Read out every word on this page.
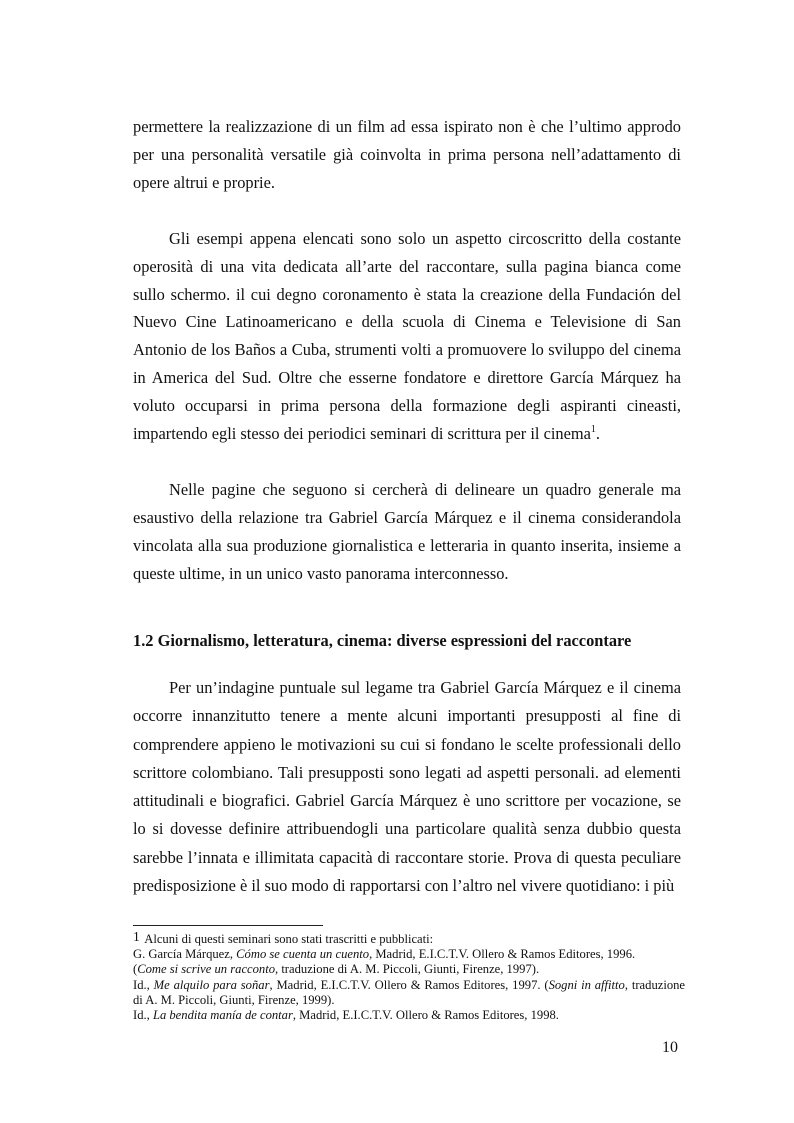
permettere la realizzazione di un film ad essa ispirato non è che l’ultimo approdo per una personalità versatile già coinvolta in prima persona nell’adattamento di opere altrui e proprie.

Gli esempi appena elencati sono solo un aspetto circoscritto della costante operosità di una vita dedicata all’arte del raccontare, sulla pagina bianca come sullo schermo. il cui degno coronamento è stata la creazione della Fundación del Nuevo Cine Latinoamericano e della scuola di Cinema e Televisione di San Antonio de los Baños a Cuba, strumenti volti a promuovere lo sviluppo del cinema in America del Sud. Oltre che esserne fondatore e direttore García Márquez ha voluto occuparsi in prima persona della formazione degli aspiranti cineasti, impartendo egli stesso dei periodici seminari di scrittura per il cinema$^1$.

Nelle pagine che seguono si cercherà di delineare un quadro generale ma esaustivo della relazione tra Gabriel García Márquez e il cinema considerandola vincolata alla sua produzione giornalistica e letteraria in quanto inserita, insieme a queste ultime, in un unico vasto panorama interconnesso.

1.2 Giornalismo, letteratura, cinema: diverse espressioni del raccontare

Per un’indagine puntuale sul legame tra Gabriel García Márquez e il cinema occorre innanzitutto tenere a mente alcuni importanti presupposti al fine di comprendere appieno le motivazioni su cui si fondano le scelte professionali dello scrittore colombiano. Tali presupposti sono legati ad aspetti personali. ad elementi attitudinali e biografici. Gabriel García Márquez è uno scrittore per vocazione, se lo si dovesse definire attribuendogli una particolare qualità senza dubbio questa sarebbe l’innata e illimitata capacità di raccontare storie. Prova di questa peculiare predisposizione è il suo modo di rapportarsi con l’altro nel vivere quotidiano: i più

1 Alcuni di questi seminari sono stati trascritti e pubblicati:

G. García Márquez, Cómo se cuenta un cuento, Madrid, E.I.C.T.V. Ollero & Ramos Editores, 1996.
(Come si scrive un racconto, traduzione di A. M. Piccoli, Giunti, Firenze, 1997).

Id., Me alquilo para soñar, Madrid, E.I.C.T.V. Ollero & Ramos Editores, 1997. (Sogni in affitto, traduzione di A. M. Piccoli, Giunti, Firenze, 1999).

Id., La bendita manía de contar, Madrid, E.I.C.T.V. Ollero & Ramos Editores, 1998.

10
